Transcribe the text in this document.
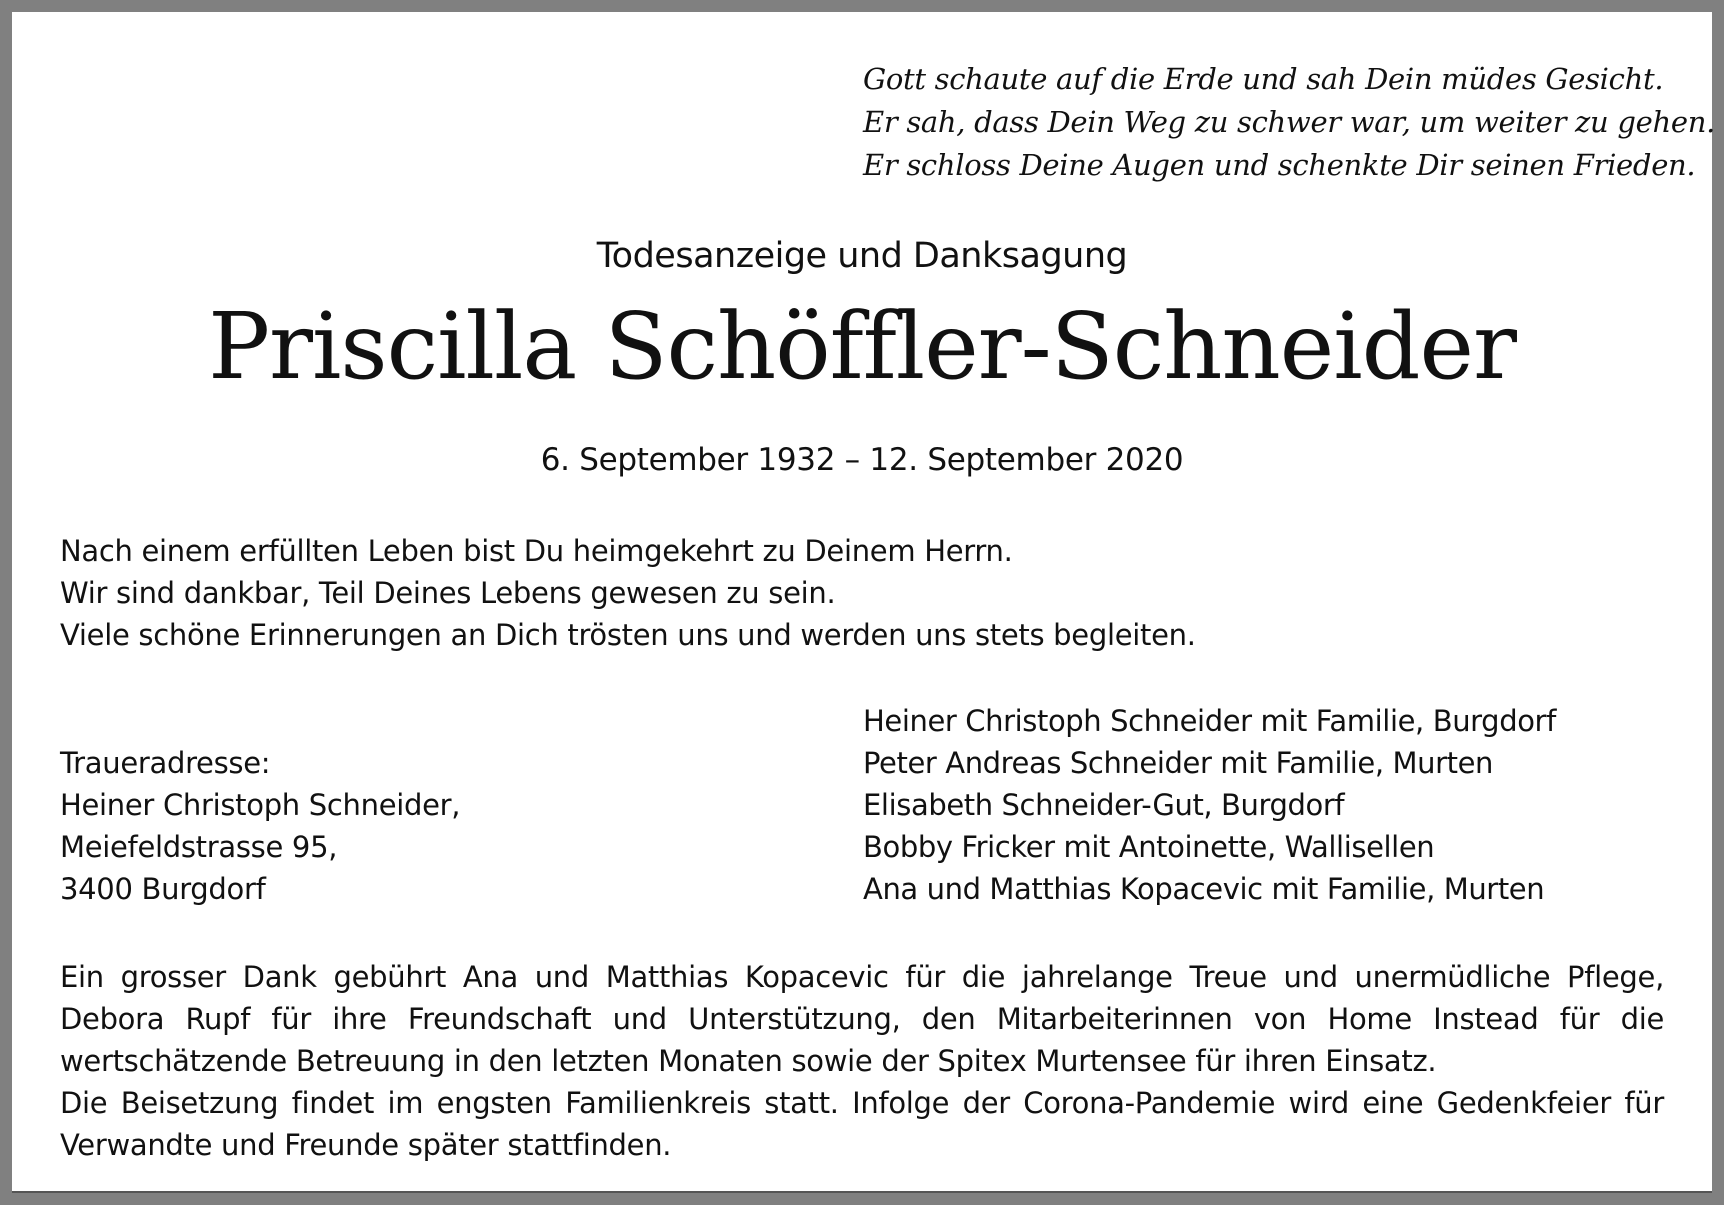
Gott schaute auf die Erde und sah Dein müdes Gesicht.
Er sah, dass Dein Weg zu schwer war, um weiter zu gehen.
Er schloss Deine Augen und schenkte Dir seinen Frieden.
Todesanzeige und Danksagung
Priscilla Schöffler-Schneider
6. September 1932 – 12. September 2020
Nach einem erfüllten Leben bist Du heimgekehrt zu Deinem Herrn.
Wir sind dankbar, Teil Deines Lebens gewesen zu sein.
Viele schöne Erinnerungen an Dich trösten uns und werden uns stets begleiten.
Traueradresse:
Heiner Christoph Schneider,
Meiefeldstrasse 95,
3400 Burgdorf
Heiner Christoph Schneider mit Familie, Burgdorf
Peter Andreas Schneider mit Familie, Murten
Elisabeth Schneider-Gut, Burgdorf
Bobby Fricker mit Antoinette, Wallisellen
Ana und Matthias Kopacevic mit Familie, Murten

Ein grosser Dank gebührt Ana und Matthias Kopacevic für die jahrelange Treue und unermüdliche Pflege, Debora Rupf für ihre Freundschaft und Unterstützung, den Mitarbeiterinnen von Home Instead für die wertschätzende Betreuung in den letzten Monaten sowie der Spitex Murtensee für ihren Einsatz.

Die Beisetzung findet im engsten Familienkreis statt. Infolge der Corona-Pandemie wird eine Gedenkfeier für Verwandte und Freunde später stattfinden.
